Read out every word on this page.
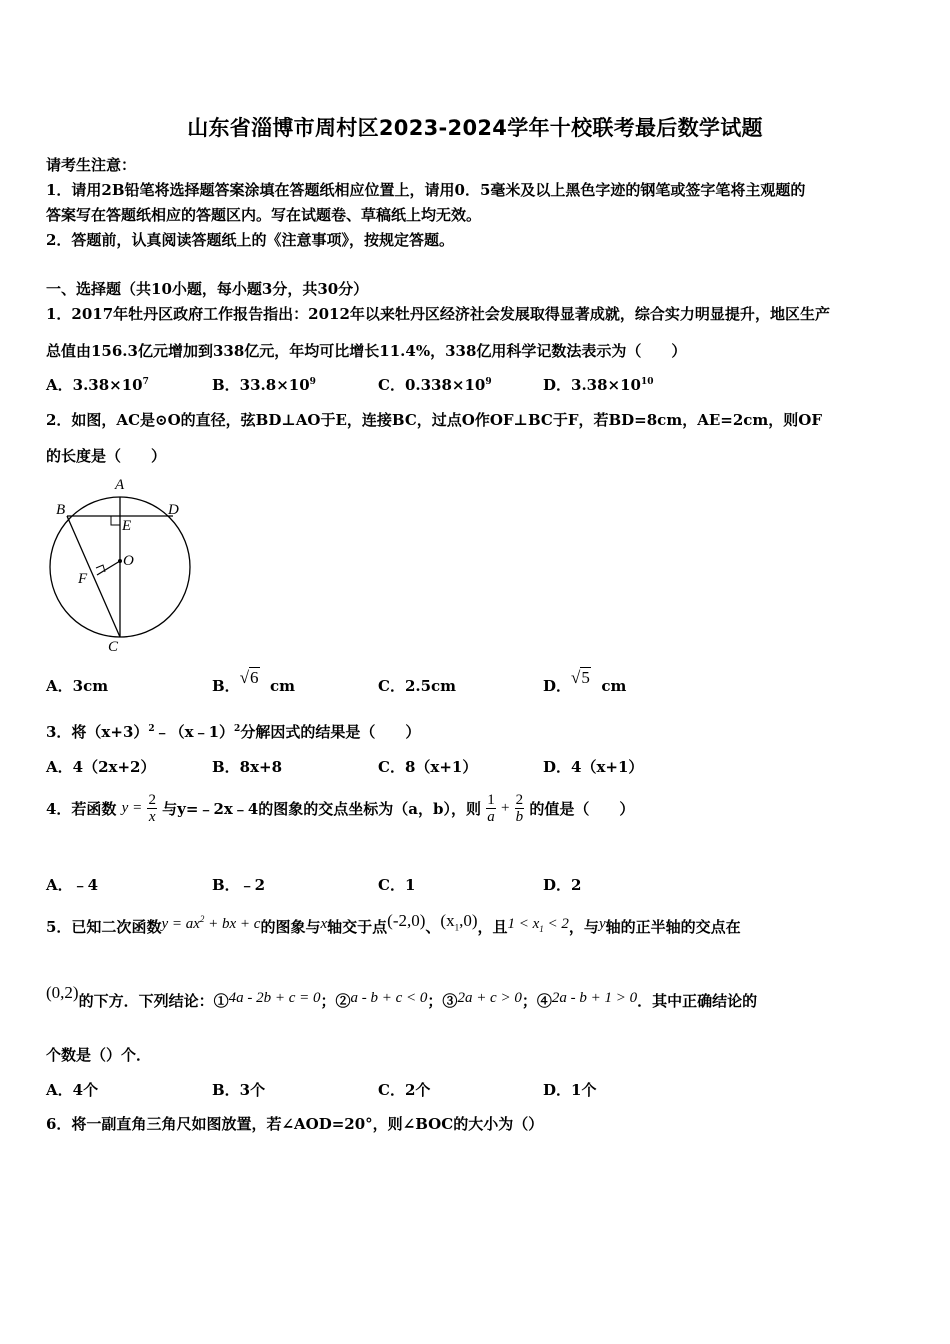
山东省淄博市周村区2023-2024学年十校联考最后数学试题
请考生注意：
1．请用2B铅笔将选择题答案涂填在答题纸相应位置上，请用0．5毫米及以上黑色字迹的钢笔或签字笔将主观题的
答案写在答题纸相应的答题区内。写在试题卷、草稿纸上均无效。
2．答题前，认真阅读答题纸上的《注意事项》，按规定答题。
一、选择题（共10小题，每小题3分，共30分）
1．2017年牡丹区政府工作报告指出：2012年以来牡丹区经济社会发展取得显著成就，综合实力明显提升，地区生产
总值由156.3亿元增加到338亿元，年均可比增长11.4%，338亿用科学记数法表示为（　　）
A．$3.38\times 10^7$	B．$33.8\times 10^9$	C．$0.338\times 10^9$	D．$3.38\times 10^{10}$
2．如图，AC是⊙O的直径，弦BD⊥AO于E，连接BC，过点O作OF⊥BC于F，若BD=8cm，AE=2cm，则OF
的长度是（　　）
A
B	D
E
O
F
C
A．3cm	B．√6 cm	C．2.5cm	D．√5 cm
3．将$(x+3)^2﹣(x﹣1)^2$分解因式的结果是（　　）
A．4（2x+2）	B．8x+8	C．8（x+1）	D．4（x+1）
4．若函数 $y = \frac{2}{x}$ 与y=﹣2x﹣4的图象的交点坐标为（a，b），则 $\frac{1}{a} + \frac{2}{b}$ 的值是（　　）
A．﹣4	B．﹣2	C．1	D．2
5．已知二次函数$y = ax^2$ + bx + c的图象与x轴交于点(-2,0)、$(x_1,0)$，且$1 < x_1 < 2$，与y轴的正半轴的交点在
(0,2)的下方．下列结论：①4a - 2b + c = 0；②a - b + c < 0；③2a + c > 0；④2a - b + 1 > 0．其中正确结论的
个数是（）个．
A．4个	B．3个	C．2个	D．1个
6．将一副直角三角尺如图放置，若∠AOD=20°，则∠BOC的大小为（）
